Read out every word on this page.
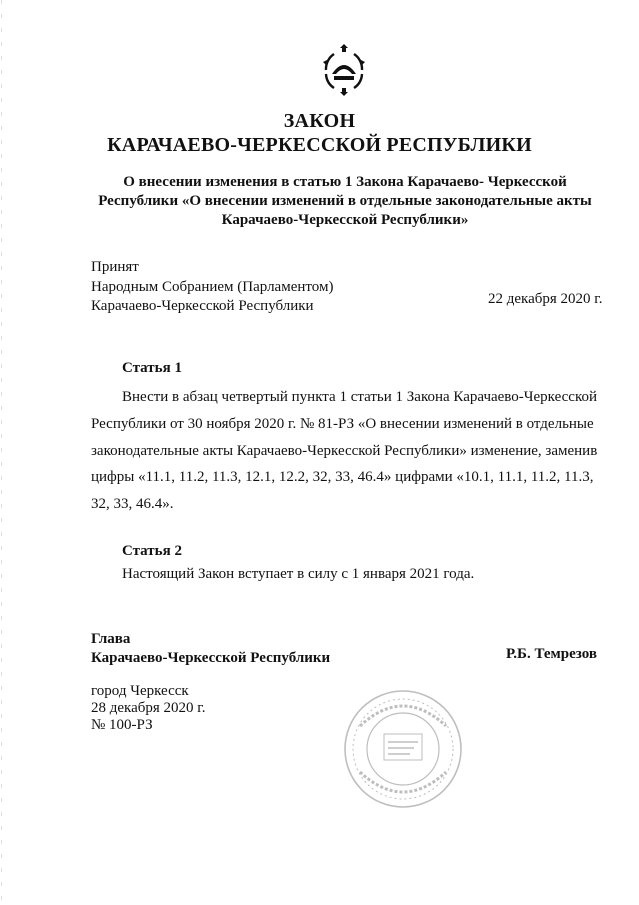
ЗАКОН
КАРАЧАЕВО-ЧЕРКЕССКОЙ РЕСПУБЛИКИ
О внесении изменения в статью 1 Закона Карачаево- Черкесской
Республики «О внесении изменений в отдельные законодательные акты
Карачаево-Черкесской Республики»
Принят
Народным Собранием (Парламентом)
Карачаево-Черкесской Республики	22 декабря 2020 г.
Статья 1
Внести в абзац четвертый пункта 1 статьи 1 Закона Карачаево-Черкесской
Республики от 30 ноября 2020 г. № 81-РЗ «О внесении изменений в отдельные
законодательные акты Карачаево-Черкесской Республики» изменение, заменив
цифры «11.1, 11.2, 11.3, 12.1, 12.2, 32, 33, 46.4» цифрами «10.1, 11.1, 11.2, 11.3,
32, 33, 46.4».
Статья 2
Настоящий Закон вступает в силу с 1 января 2021 года.
Глава
Карачаево-Черкесской Республики	Р.Б. Темрезов
город Черкесск
28 декабря 2020 г.
№ 100-РЗ
